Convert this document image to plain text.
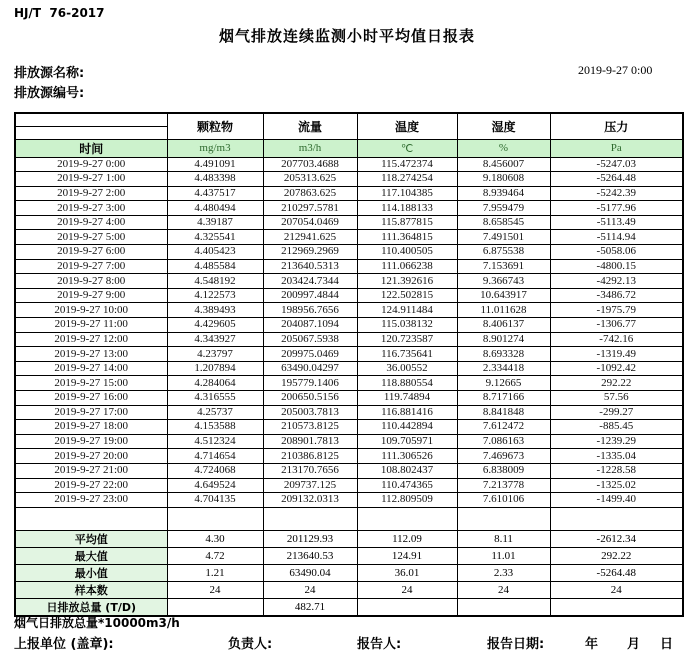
HJ/T  76-2017
烟气排放连续监测小时平均值日报表
排放源名称:
排放源编号:
2019-9-27 0:00
	颗粒物	流量	温度	湿度	压力

时间	mg/m3	m3/h	℃	%	Pa
2019-9-27 0:00	4.491091	207703.4688	115.472374	8.456007	-5247.03
2019-9-27 1:00	4.483398	205313.625	118.274254	9.180608	-5264.48
2019-9-27 2:00	4.437517	207863.625	117.104385	8.939464	-5242.39
2019-9-27 3:00	4.480494	210297.5781	114.188133	7.959479	-5177.96
2019-9-27 4:00	4.39187	207054.0469	115.877815	8.658545	-5113.49
2019-9-27 5:00	4.325541	212941.625	111.364815	7.491501	-5114.94
2019-9-27 6:00	4.405423	212969.2969	110.400505	6.875538	-5058.06
2019-9-27 7:00	4.485584	213640.5313	111.066238	7.153691	-4800.15
2019-9-27 8:00	4.548192	203424.7344	121.392616	9.366743	-4292.13
2019-9-27 9:00	4.122573	200997.4844	122.502815	10.643917	-3486.72
2019-9-27 10:00	4.389493	198956.7656	124.911484	11.011628	-1975.79
2019-9-27 11:00	4.429605	204087.1094	115.038132	8.406137	-1306.77
2019-9-27 12:00	4.343927	205067.5938	120.723587	8.901274	-742.16
2019-9-27 13:00	4.23797	209975.0469	116.735641	8.693328	-1319.49
2019-9-27 14:00	1.207894	63490.04297	36.00552	2.334418	-1092.42
2019-9-27 15:00	4.284064	195779.1406	118.880554	9.12665	292.22
2019-9-27 16:00	4.316555	200650.5156	119.74894	8.717166	57.56
2019-9-27 17:00	4.25737	205003.7813	116.881416	8.841848	-299.27
2019-9-27 18:00	4.153588	210573.8125	110.442894	7.612472	-885.45
2019-9-27 19:00	4.512324	208901.7813	109.705971	7.086163	-1239.29
2019-9-27 20:00	4.714654	210386.8125	111.306526	7.469673	-1335.04
2019-9-27 21:00	4.724068	213170.7656	108.802437	6.838009	-1228.58
2019-9-27 22:00	4.649524	209737.125	110.474365	7.213778	-1325.02
2019-9-27 23:00	4.704135	209132.0313	112.809509	7.610106	-1499.40

平均值	4.30	201129.93	112.09	8.11	-2612.34
最大值	4.72	213640.53	124.91	11.01	292.22
最小值	1.21	63490.04	36.01	2.33	-5264.48
样本数	24	24	24	24	24
日排放总量 (T/D)		482.71			
烟气日排放总量*10000m3/h
上报单位 (盖章):	负责人:	报告人:	报告日期:	年 月 日
